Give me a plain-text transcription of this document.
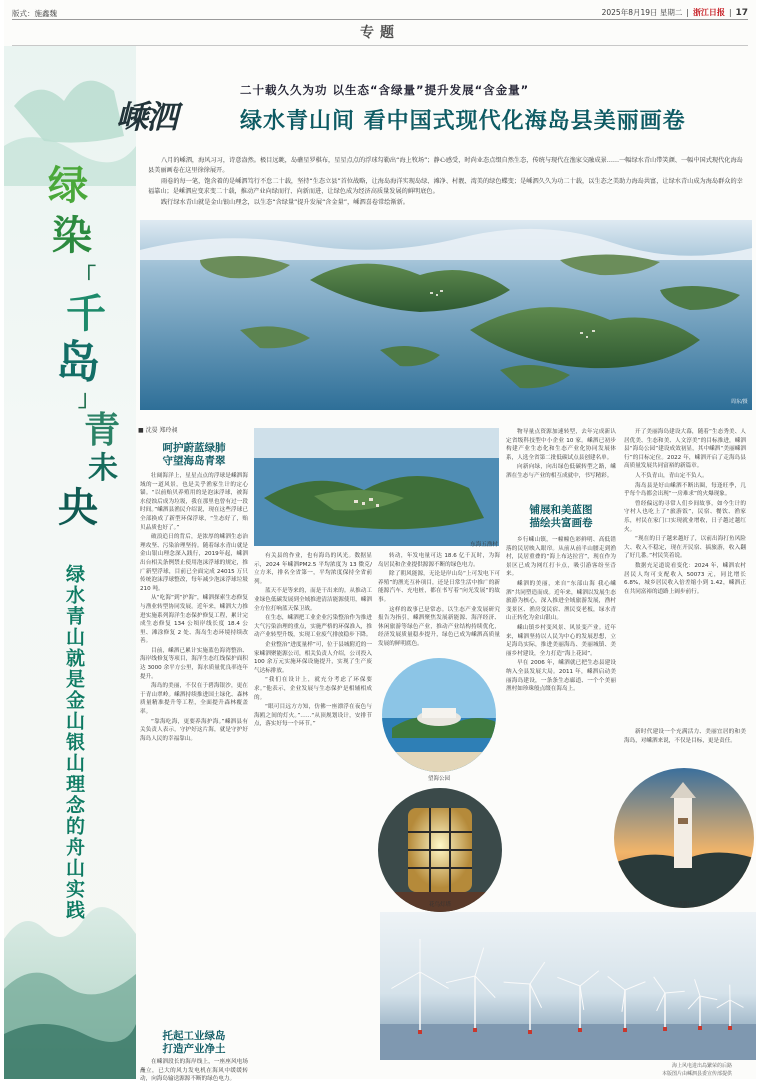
版式：施鑫魏	2025年8月19日 星期二 | 浙江日报 | 17
专题
绿
染
「
千
岛
」
青
未
央
绿水青山就是金山银山理念的舟山实践
二十载久久为功 以生态“含绿量”提升发展“含金量”
嵊泗	绿水青山间 看中国式现代化海岛县美丽画卷

八月的嵊泗，海风习习，诗意盎然。极目远眺，岛礁星罗棋布，星星点点的浮球勾勒出“海上牧场”；静心感受，时尚业态点缀自然生态，传统与现代在渔家交融成景……一幅绿水青山带笑颜、一幅中国式现代化海岛县美丽画卷在这里徐徐展开。

雨卷的每一笔，饱含着的是嵊泗笃行不怠二十载，坚持“生态立县”首位战略，让海岛海洋实现岛绿、滩净、村靓、湾美的绿色蝶变；是嵊泗久久为功二十载，以生态之美助力海岛共富，让绿水青山成为海岛群众的幸福靠山；是嵊泗应变求变二十载，推动产业向绿而行、向新而进，让绿色成为经济高质量发展的鲜明底色。

践行绿水青山就是金山银山理念，以生态“含绿量”提升发展“含金量”，嵊泗喜卷常绘渐新。

周东/摄
■ 沈晏 郑玲昶
呵护蔚蓝绿肺
守望海岛青翠

壮阔海洋上，星星点点的浮球是嵊泗海域的一道风景，也是关乎渔家生计的定心锚。“以前贻贝养殖用的是泡沫浮球，被海水侵蚀后成为垃圾，我在那里也曾有过一段时间。”嵊泗县渔民介绍说，现在这些浮球已全部换成了新型环保浮球，“生态好了，贻贝品质也好了。”

破浪追日的背后，是浓厚的嵊泗生态治理攻坚、污染治理坚持。随着绿水青山就是金山银山理念深入践行，2019年起，嵊泗出台相关条例禁止使用泡沫浮球的规定，推广新型浮球，目前已全面完成 24015 万只传统泡沫浮球整改，每年减少泡沫浮球垃圾 210 吨。

从“吃海”到“护海”，嵊泗探索生态修复与渔业转型协同发展。近年来，嵊泗大力推进实施系列海洋生态保护修复工程，累计完成生态修复 134 公顷岸线长度 18.4 公里、滩涂修复 2 处、海岛生态环境持续改善。

目前，嵊泗已累计实施蓝色海湾整治、海岸线修复等项目，海洋生态红线保护面积达 3000 余平方公里，海水质量优良率连年提升。

海岛的美丽，不仅在于碧海银沙，更在于青山翠岭。嵊泗持续推进国土绿化、森林质量精准提升等工程，全面提升森林覆盖率。

“靠海吃海，更要养海护海。”嵊泗县有关负责人表示，守护好这片海，就是守护好海岛人民的幸福靠山。

托起工业绿岛
打造产业净土

在嵊泗段长的海岸线上，一座座风电场矗立，已大的风力发电机在海风中缓缓转动，向海岛输送源源不断的绿色电力。

东海五渔村

有关县的作业，也有海岛的风光。数据显示，2024 年嵊泗PM2.5 平均浓度为 13 微克/立方米，排名全省第一，平均浓度保持全省前列。

蓝天不是等来的，而是干出来的。从推动工业绿色低碳发展到全域推进清洁能源使用，嵊泗全方位打响蓝天保卫战。

在生态，嵊泗把工业企业污染整治作为推进大气污染治理的重点，实施严格的环保准入，推动产业转型升级，实现工业废气排放稳步下降。

企业整治“进度量样”可，位于县城附近的一家嵊泗聚能源公司，相关负责人介绍，公司投入 100 余万元实施环保设施提升，实现了生产废气达标排放。

“我们在设计上，就充分考虑了环保要求。”他表示，企业发展与生态保护是相辅相成的。

“眼可目远方方知，仿佛一座漂浮在夜色与海鸥之间的灯火。”……“从顶规划设计，安排节点，落实好每一个环节。”

转动，年发电量可达 18.6 亿千瓦时，为海岛居民和企业提供源源不断的绿色电力。

除了朝风能源，无论是岸山岛“上可发电下可养殖”的渔光互补项目，还是日常生活中推广的新能源汽车、充电桩，都在书写着“向光发展”的故事。

这样的故事已是常态。以生态产业发展研究报告为指引，嵊泗聚焦发展新能源、海洋经济、休闲旅游等绿色产业，推动产业结构持续优化，经济发展质量稳步提升，绿色已成为嵊泗高质量发展的鲜明底色。

望海公园
花鸟灯塔

物导量点资源加速转型，去年完成新认定省级科技型中小企业 10 家。嵊泗已初步构建产业生态化和生态产业化协同发展体系，人选全省第二批低碳试点县创建名单。

向新向绿，向出绿色低碳转型之路，嵊泗在生态与产业的相互成就中，书写精彩。

铺展和美蓝图
描绘共富画卷

乡行嵊山镇，一幢幢色彩鲜明、高低错落的民居映入眼帘。从前从前半山腰走到渔村，民居重叠的“海上布达拉宫”，现在作为景区已成为网红打卡点，吸引游客纷至沓来。

嵊泗的美丽，来自“东部山海 我心嵊泗”共同塑造而成。近年来，嵊泗以发展生态旅游为核心，深入推进全域旅游发展，渔村变景区、渔房变民宿、渔民变老板，绿水青山正转化为金山银山。

嵊山镇乡村变风景、风景变产业。近年来，嵊泗坚持以人民为中心的发展思想，立足海岛实际，推进美丽海岛、美丽城镇、美丽乡村建设，全力打造“海上花园”。

早在 2006 年，嵊泗就已把生态县建设纳入全县发展大局。2011 年，嵊泗启动美丽海岛建设，一条条生态廊道、一个个美丽渔村如珍珠般点缀在海岛上。

开了美丽海岛建设大幕，随着“生态秀美、人居优美、生态和美、人文淳美”的目标推进，嵊泗县“海岛公园”建设成效初显，其中嵊泗“美丽嵊泗行”的目标定位。2022 年，嵊泗开启了走海岛县高质量发展共同富裕的新篇章。

人不负青山，青山定不负人。

海岛县是好山嵊泗不断出圈，每逢旺季，几乎每个岛都会出现“一房难求”的火爆现象。

曾经偏远的寻常人们乡间故事，如今生计的守村人也吃上了“旅游饭”，民宿、餐饮、渔家乐，村民在家门口实现就业增收，日子越过越红火。

“现在的日子越来越好了，以前出海打鱼风险大、收入不稳定，现在开民宿、搞旅游，收入翻了好几番。”村民笑着说。

数据充足道说看变化：2024 年，嵊泗农村居民人均可支配收入 50073 元，同比增长 6.8%，城乡居民收入倍差缩小到 1.42，嵊泗正在共同富裕的道路上阔步前行。

新时代建设一个充满活力、美丽宜居的和美海岛，对嵊泗来说，不仅是目标，更是责任。

六合朝阳景区
海上风电进出岛繁荣的后路
本版图片由嵊泗县委宣传部提供
